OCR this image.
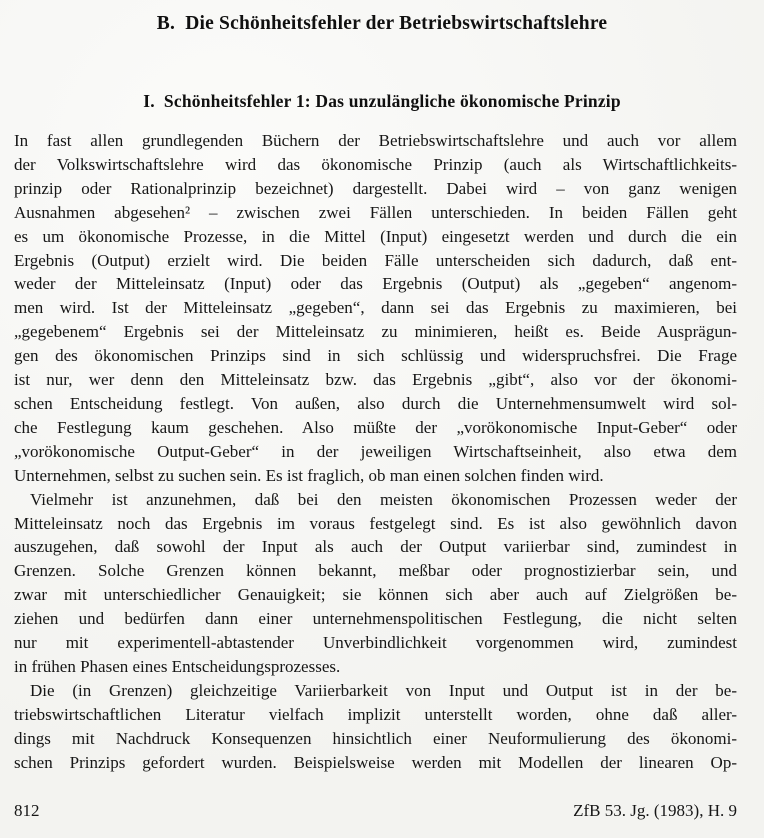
B.  Die Schönheitsfehler der Betriebswirtschaftslehre
I.  Schönheitsfehler 1: Das unzulängliche ökonomische Prinzip
In fast allen grundlegenden Büchern der Betriebswirtschaftslehre und auch vor allem
der Volkswirtschaftslehre wird das ökonomische Prinzip (auch als Wirtschaftlichkeits-
prinzip oder Rationalprinzip bezeichnet) dargestellt. Dabei wird – von ganz wenigen
Ausnahmen abgesehen² – zwischen zwei Fällen unterschieden. In beiden Fällen geht
es um ökonomische Prozesse, in die Mittel (Input) eingesetzt werden und durch die ein
Ergebnis (Output) erzielt wird. Die beiden Fälle unterscheiden sich dadurch, daß ent-
weder der Mitteleinsatz (Input) oder das Ergebnis (Output) als „gegeben“ angenom-
men wird. Ist der Mitteleinsatz „gegeben“, dann sei das Ergebnis zu maximieren, bei
„gegebenem“ Ergebnis sei der Mitteleinsatz zu minimieren, heißt es. Beide Ausprägun-
gen des ökonomischen Prinzips sind in sich schlüssig und widerspruchsfrei. Die Frage
ist nur, wer denn den Mitteleinsatz bzw. das Ergebnis „gibt“, also vor der ökonomi-
schen Entscheidung festlegt. Von außen, also durch die Unternehmensumwelt wird sol-
che Festlegung kaum geschehen. Also müßte der „vorökonomische Input-Geber“ oder
„vorökonomische Output-Geber“ in der jeweiligen Wirtschaftseinheit, also etwa dem
Unternehmen, selbst zu suchen sein. Es ist fraglich, ob man einen solchen finden wird.
Vielmehr ist anzunehmen, daß bei den meisten ökonomischen Prozessen weder der
Mitteleinsatz noch das Ergebnis im voraus festgelegt sind. Es ist also gewöhnlich davon
auszugehen, daß sowohl der Input als auch der Output variierbar sind, zumindest in
Grenzen. Solche Grenzen können bekannt, meßbar oder prognostizierbar sein, und
zwar mit unterschiedlicher Genauigkeit; sie können sich aber auch auf Zielgrößen be-
ziehen und bedürfen dann einer unternehmenspolitischen Festlegung, die nicht selten
nur mit experimentell-abtastender Unverbindlichkeit vorgenommen wird, zumindest
in frühen Phasen eines Entscheidungsprozesses.
Die (in Grenzen) gleichzeitige Variierbarkeit von Input und Output ist in der be-
triebswirtschaftlichen Literatur vielfach implizit unterstellt worden, ohne daß aller-
dings mit Nachdruck Konsequenzen hinsichtlich einer Neuformulierung des ökonomi-
schen Prinzips gefordert wurden. Beispielsweise werden mit Modellen der linearen Op-
812	ZfB 53. Jg. (1983), H. 9
